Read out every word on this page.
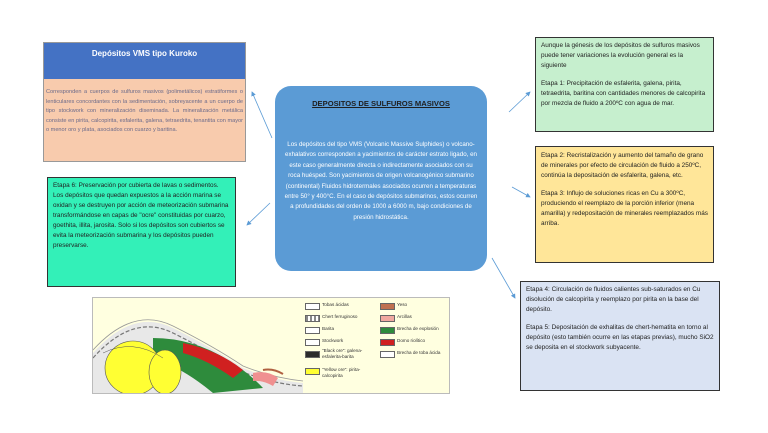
Depósitos VMS tipo Kuroko
Corresponden a cuerpos de sulfuros masivos (polimetálicos) estratiformes o lenticulares concordantes con la sedimentación, sobreyacente a un cuerpo de tipo stockwork con mineralización diseminada. La mineralización metálica consiste en pirita, calcopirita, esfalerita, galena, tetraedrita, tenantita con mayor o menor oro y plata, asociados con cuarzo y baritina.
DEPOSITOS DE SULFUROS MASIVOS
Los depósitos del tipo VMS (Volcanic Massive Sulphides) o volcano-exhalativos corresponden a yacimientos de carácter estrato ligado, en este caso generalmente directa o indirectamente asociados con su roca huésped. Son yacimientos de origen volcanogénico submarino (continental) Fluidos hidrotermales asociados ocurren a temperaturas entre 50° y 400°C. En el caso de depósitos submarinos, estos ocurren a profundidades del orden de 1000 a 6000 m, bajo condiciones de presión hidrostática.

Aunque la génesis de los depósitos de sulfuros masivos puede tener variaciones la evolución general es la siguiente

Etapa 1: Precipitación de esfalerita, galena, pirita, tetraedrita, baritina con cantidades menores de calcopirita por mezcla de fluido a 200ºC con agua de mar.

Etapa 2: Recristalización y aumento del tamaño de grano de minerales por efecto de circulación de fluido a 250ºC, continúa la depositación de esfalerita, galena, etc.

Etapa 3: Influjo de soluciones ricas en Cu a 300ºC, produciendo el reemplazo de la porción inferior (mena amarilla) y redepositación de minerales reemplazados más arriba.

Etapa 4: Circulación de fluidos calientes sub-saturados en Cu disolución de calcopirita y reemplazo por pirita en la base del depósito.

Etapa 5: Depositación de exhalitas de chert-hematita en torno al depósito (esto también ocurre en las etapas previas), mucho SiO2 se deposita en el stockwork subyacente.

Etapa 6: Preservación por cubierta de lavas o sedimentos. Los depósitos que quedan expuestos a la acción marina se oxidan y se destruyen por acción de meteorización submarina transformándose en capas de "ocre" constituidas por cuarzo, goethita, illita, jarosita. Solo si los depósitos son cubiertos se evita la meteorización submarina y los depósitos pueden preservarse.

Tobas ácidas
Chert ferruginoso
Barita
Stockwork
"Black ore": galena-esfalerita-barita
"Yellow ore": pirita-calcopirita
Yeso
Arcillas
Brecha de explosión
Domo riolítico
Brecha de toba ácida
